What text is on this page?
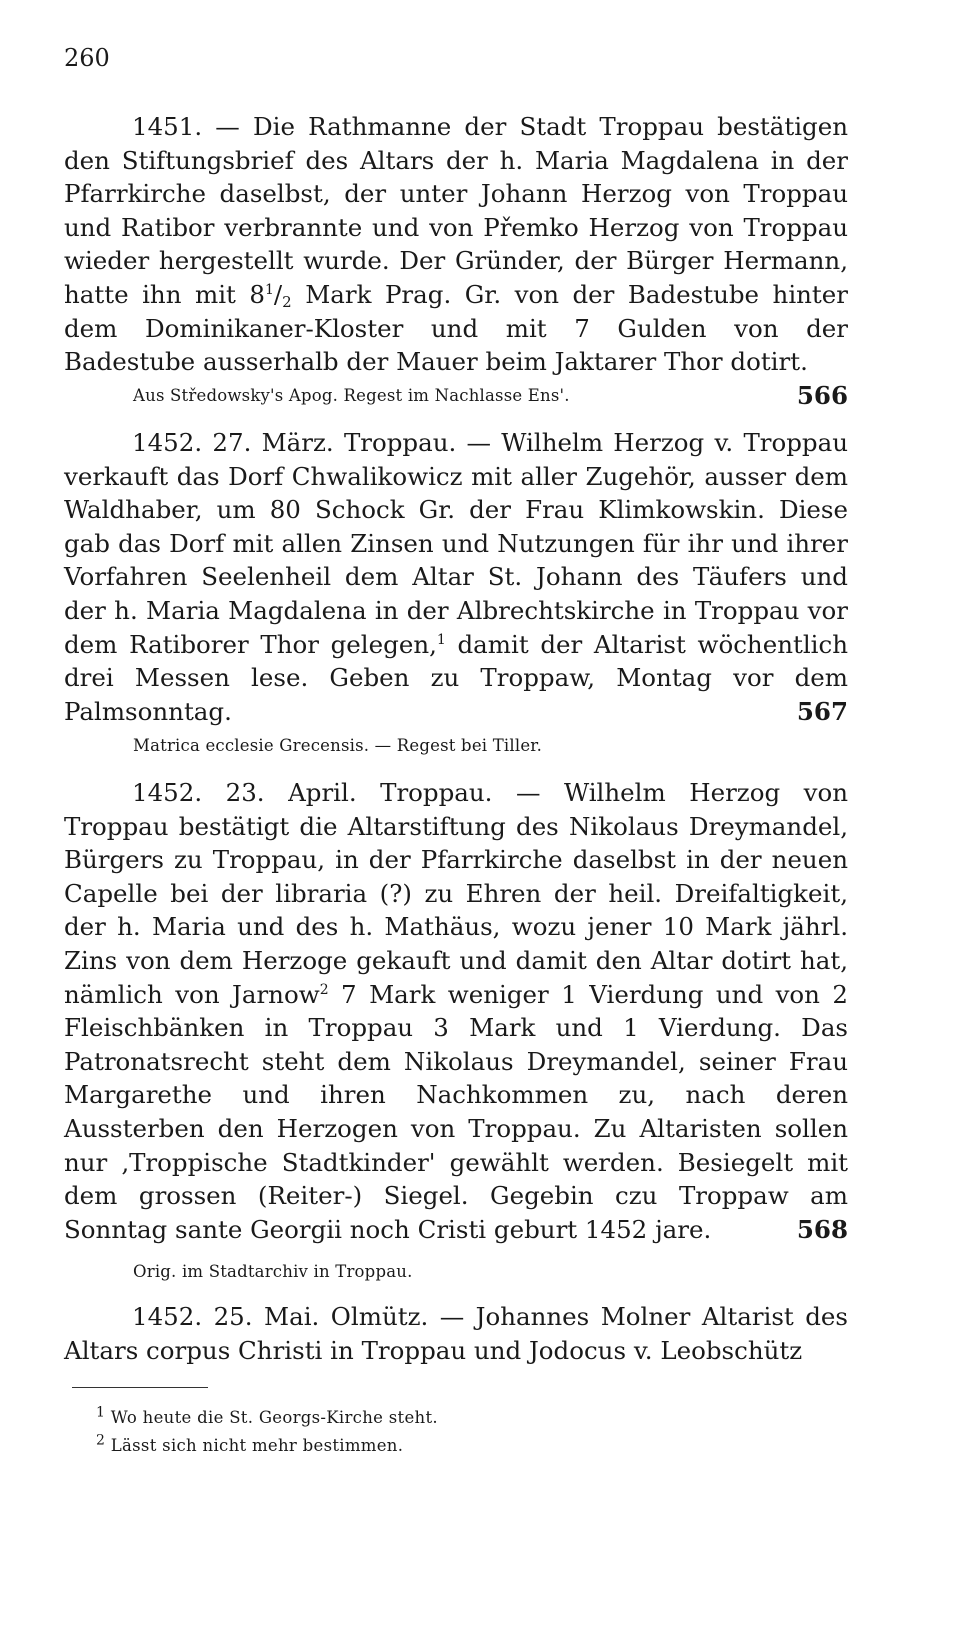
260

1451. — Die Rathmanne der Stadt Troppau bestätigen den Stiftungsbrief des Altars der h. Maria Magdalena in der Pfarrkirche daselbst, der unter Johann Herzog von Troppau und Ratibor verbrannte und von Přemko Herzog von Troppau wieder hergestellt wurde. Der Gründer, der Bürger Hermann, hatte ihn mit $8^1/_2$ Mark Prag. Gr. von der Badestube hinter dem Dominikaner-Kloster und mit 7 Gulden von der Badestube ausserhalb der Mauer beim Jaktarer Thor dotirt.
566

Aus Středowsky's Apog. Regest im Nachlasse Ens'.

1452. 27. März. Troppau. — Wilhelm Herzog v. Troppau verkauft das Dorf Chwalikowicz mit aller Zugehör, ausser dem Waldhaber, um 80 Schock Gr. der Frau Klimkowskin. Diese gab das Dorf mit allen Zinsen und Nutzungen für ihr und ihrer Vorfahren Seelenheil dem Altar St. Johann des Täufers und der h. Maria Magdalena in der Albrechtskirche in Troppau vor dem Ratiborer Thor gelegen,$^1$ damit der Altarist wöchentlich drei Messen lese. Geben zu Troppaw, Montag vor dem Palmsonntag.	567

Matrica ecclesie Grecensis. — Regest bei Tiller.

1452. 23. April. Troppau. — Wilhelm Herzog von Troppau bestätigt die Altarstiftung des Nikolaus Dreymandel, Bürgers zu Troppau, in der Pfarrkirche daselbst in der neuen Capelle bei der libraria (?) zu Ehren der heil. Dreifaltigkeit, der h. Maria und des h. Mathäus, wozu jener 10 Mark jährl. Zins von dem Herzoge gekauft und damit den Altar dotirt hat, nämlich von Jarnow$^2$ 7 Mark weniger 1 Vierdung und von 2 Fleischbänken in Troppau 3 Mark und 1 Vierdung. Das Patronatsrecht steht dem Nikolaus Dreymandel, seiner Frau Margarethe und ihren Nachkommen zu, nach deren Aussterben den Herzogen von Troppau. Zu Altaristen sollen nur ‚Troppische Stadtkinder' gewählt werden. Besiegelt mit dem grossen (Reiter-) Siegel. Gegebin czu Troppaw am Sonntag sante Georgii noch Cristi geburt 1452 jare.	568

Orig. im Stadtarchiv in Troppau.

1452. 25. Mai. Olmütz. — Johannes Molner Altarist des Altars corpus Christi in Troppau und Jodocus v. Leobschütz

$^1$ Wo heute die St. Georgs-Kirche steht.
$^2$ Lässt sich nicht mehr bestimmen.
